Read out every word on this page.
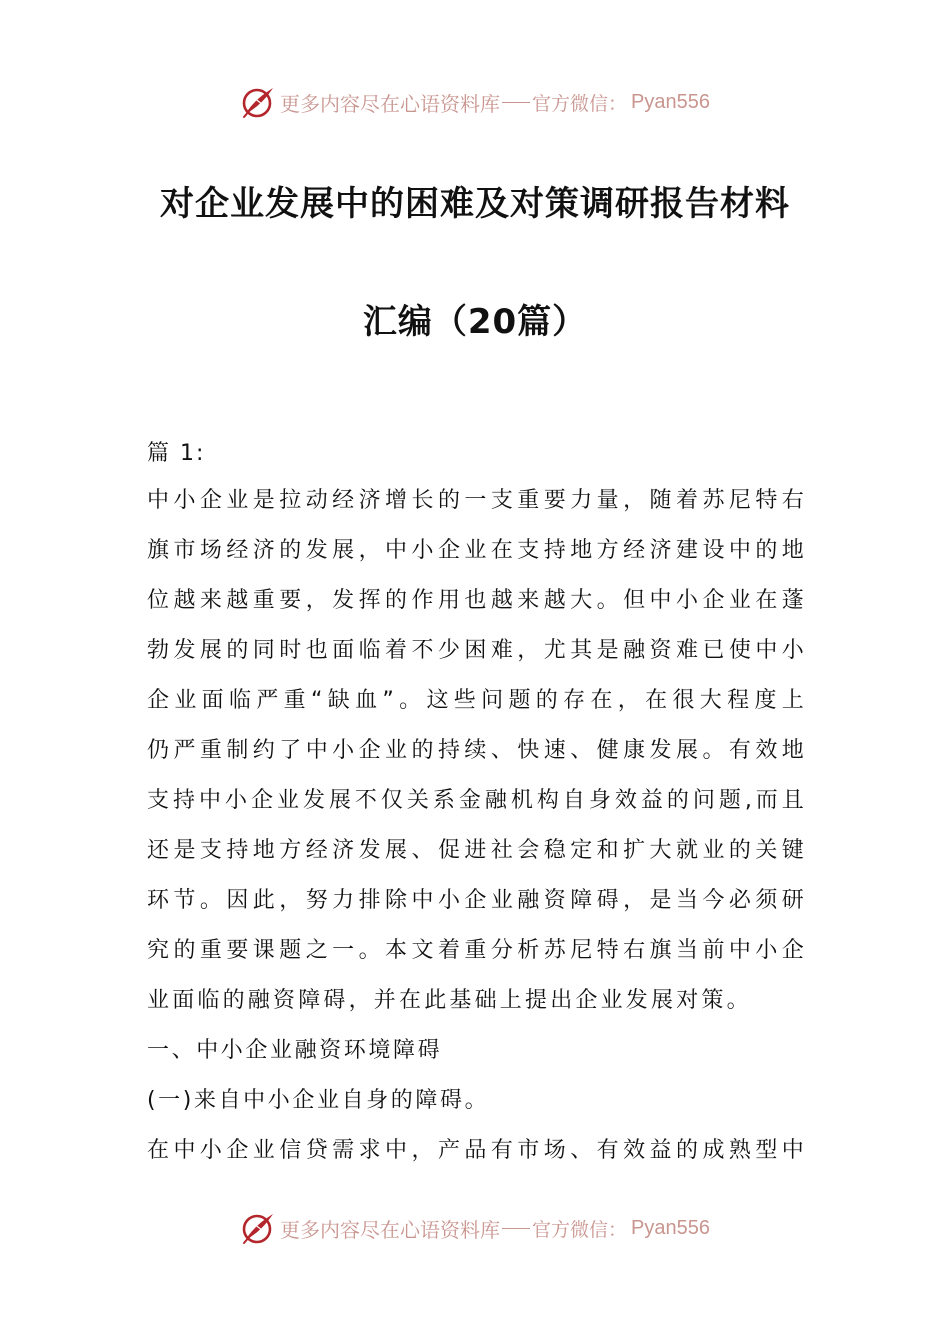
更多内容尽在心语资料库 官方微信： Pyan556
对企业发展中的困难及对策调研报告材料
汇编（20篇）
篇 1:
中小企业是拉动经济增长的一支重要力量，随着苏尼特右
旗市场经济的发展，中小企业在支持地方经济建设中的地
位越来越重要，发挥的作用也越来越大。但中小企业在蓬
勃发展的同时也面临着不少困难，尤其是融资难已使中小
企业面临严重“缺血”。这些问题的存在，在很大程度上
仍严重制约了中小企业的持续、快速、健康发展。有效地
支持中小企业发展不仅关系金融机构自身效益的问题,而且
还是支持地方经济发展、促进社会稳定和扩大就业的关键
环节。因此，努力排除中小企业融资障碍，是当今必须研
究的重要课题之一。本文着重分析苏尼特右旗当前中小企
业面临的融资障碍，并在此基础上提出企业发展对策。
一、中小企业融资环境障碍
(一)来自中小企业自身的障碍。
在中小企业信贷需求中，产品有市场、有效益的成熟型中
更多内容尽在心语资料库 官方微信： Pyan556
